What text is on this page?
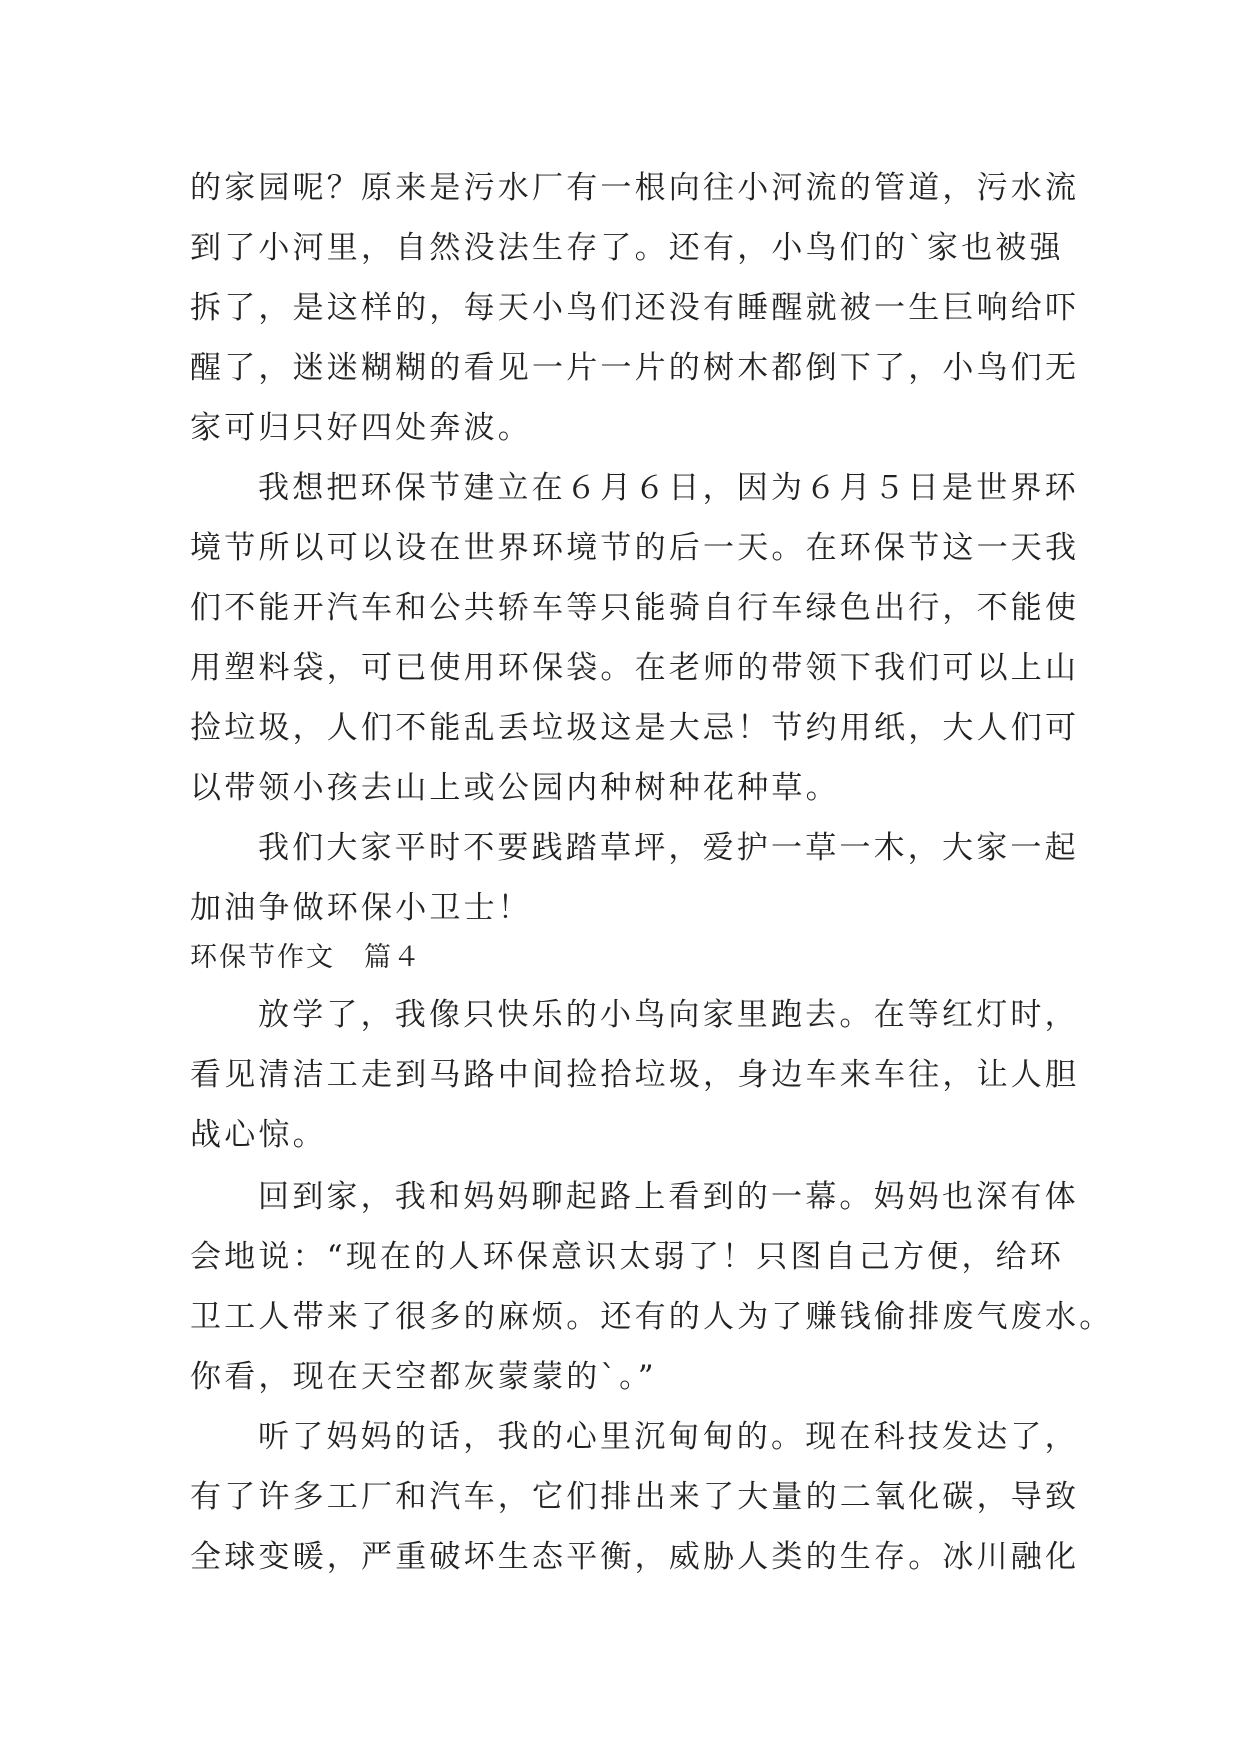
的家园呢？原来是污水厂有一根向往小河流的管道，污水流
到了小河里，自然没法生存了。还有，小鸟们的`家也被强
拆了，是这样的，每天小鸟们还没有睡醒就被一生巨响给吓
醒了，迷迷糊糊的看见一片一片的树木都倒下了，小鸟们无
家可归只好四处奔波。
我想把环保节建立在６月６日，因为６月５日是世界环
境节所以可以设在世界环境节的后一天。在环保节这一天我
们不能开汽车和公共轿车等只能骑自行车绿色出行，不能使
用塑料袋，可已使用环保袋。在老师的带领下我们可以上山
捡垃圾，人们不能乱丢垃圾这是大忌！节约用纸，大人们可
以带领小孩去山上或公园内种树种花种草。
我们大家平时不要践踏草坪，爱护一草一木，大家一起
加油争做环保小卫士！
环保节作文　篇４
放学了，我像只快乐的小鸟向家里跑去。在等红灯时，
看见清洁工走到马路中间捡拾垃圾，身边车来车往，让人胆
战心惊。
回到家，我和妈妈聊起路上看到的一幕。妈妈也深有体
会地说：“现在的人环保意识太弱了！只图自己方便，给环
卫工人带来了很多的麻烦。还有的人为了赚钱偷排废气废水。
你看，现在天空都灰蒙蒙的`。”
听了妈妈的话，我的心里沉甸甸的。现在科技发达了，
有了许多工厂和汽车，它们排出来了大量的二氧化碳，导致
全球变暖，严重破坏生态平衡，威胁人类的生存。冰川融化
